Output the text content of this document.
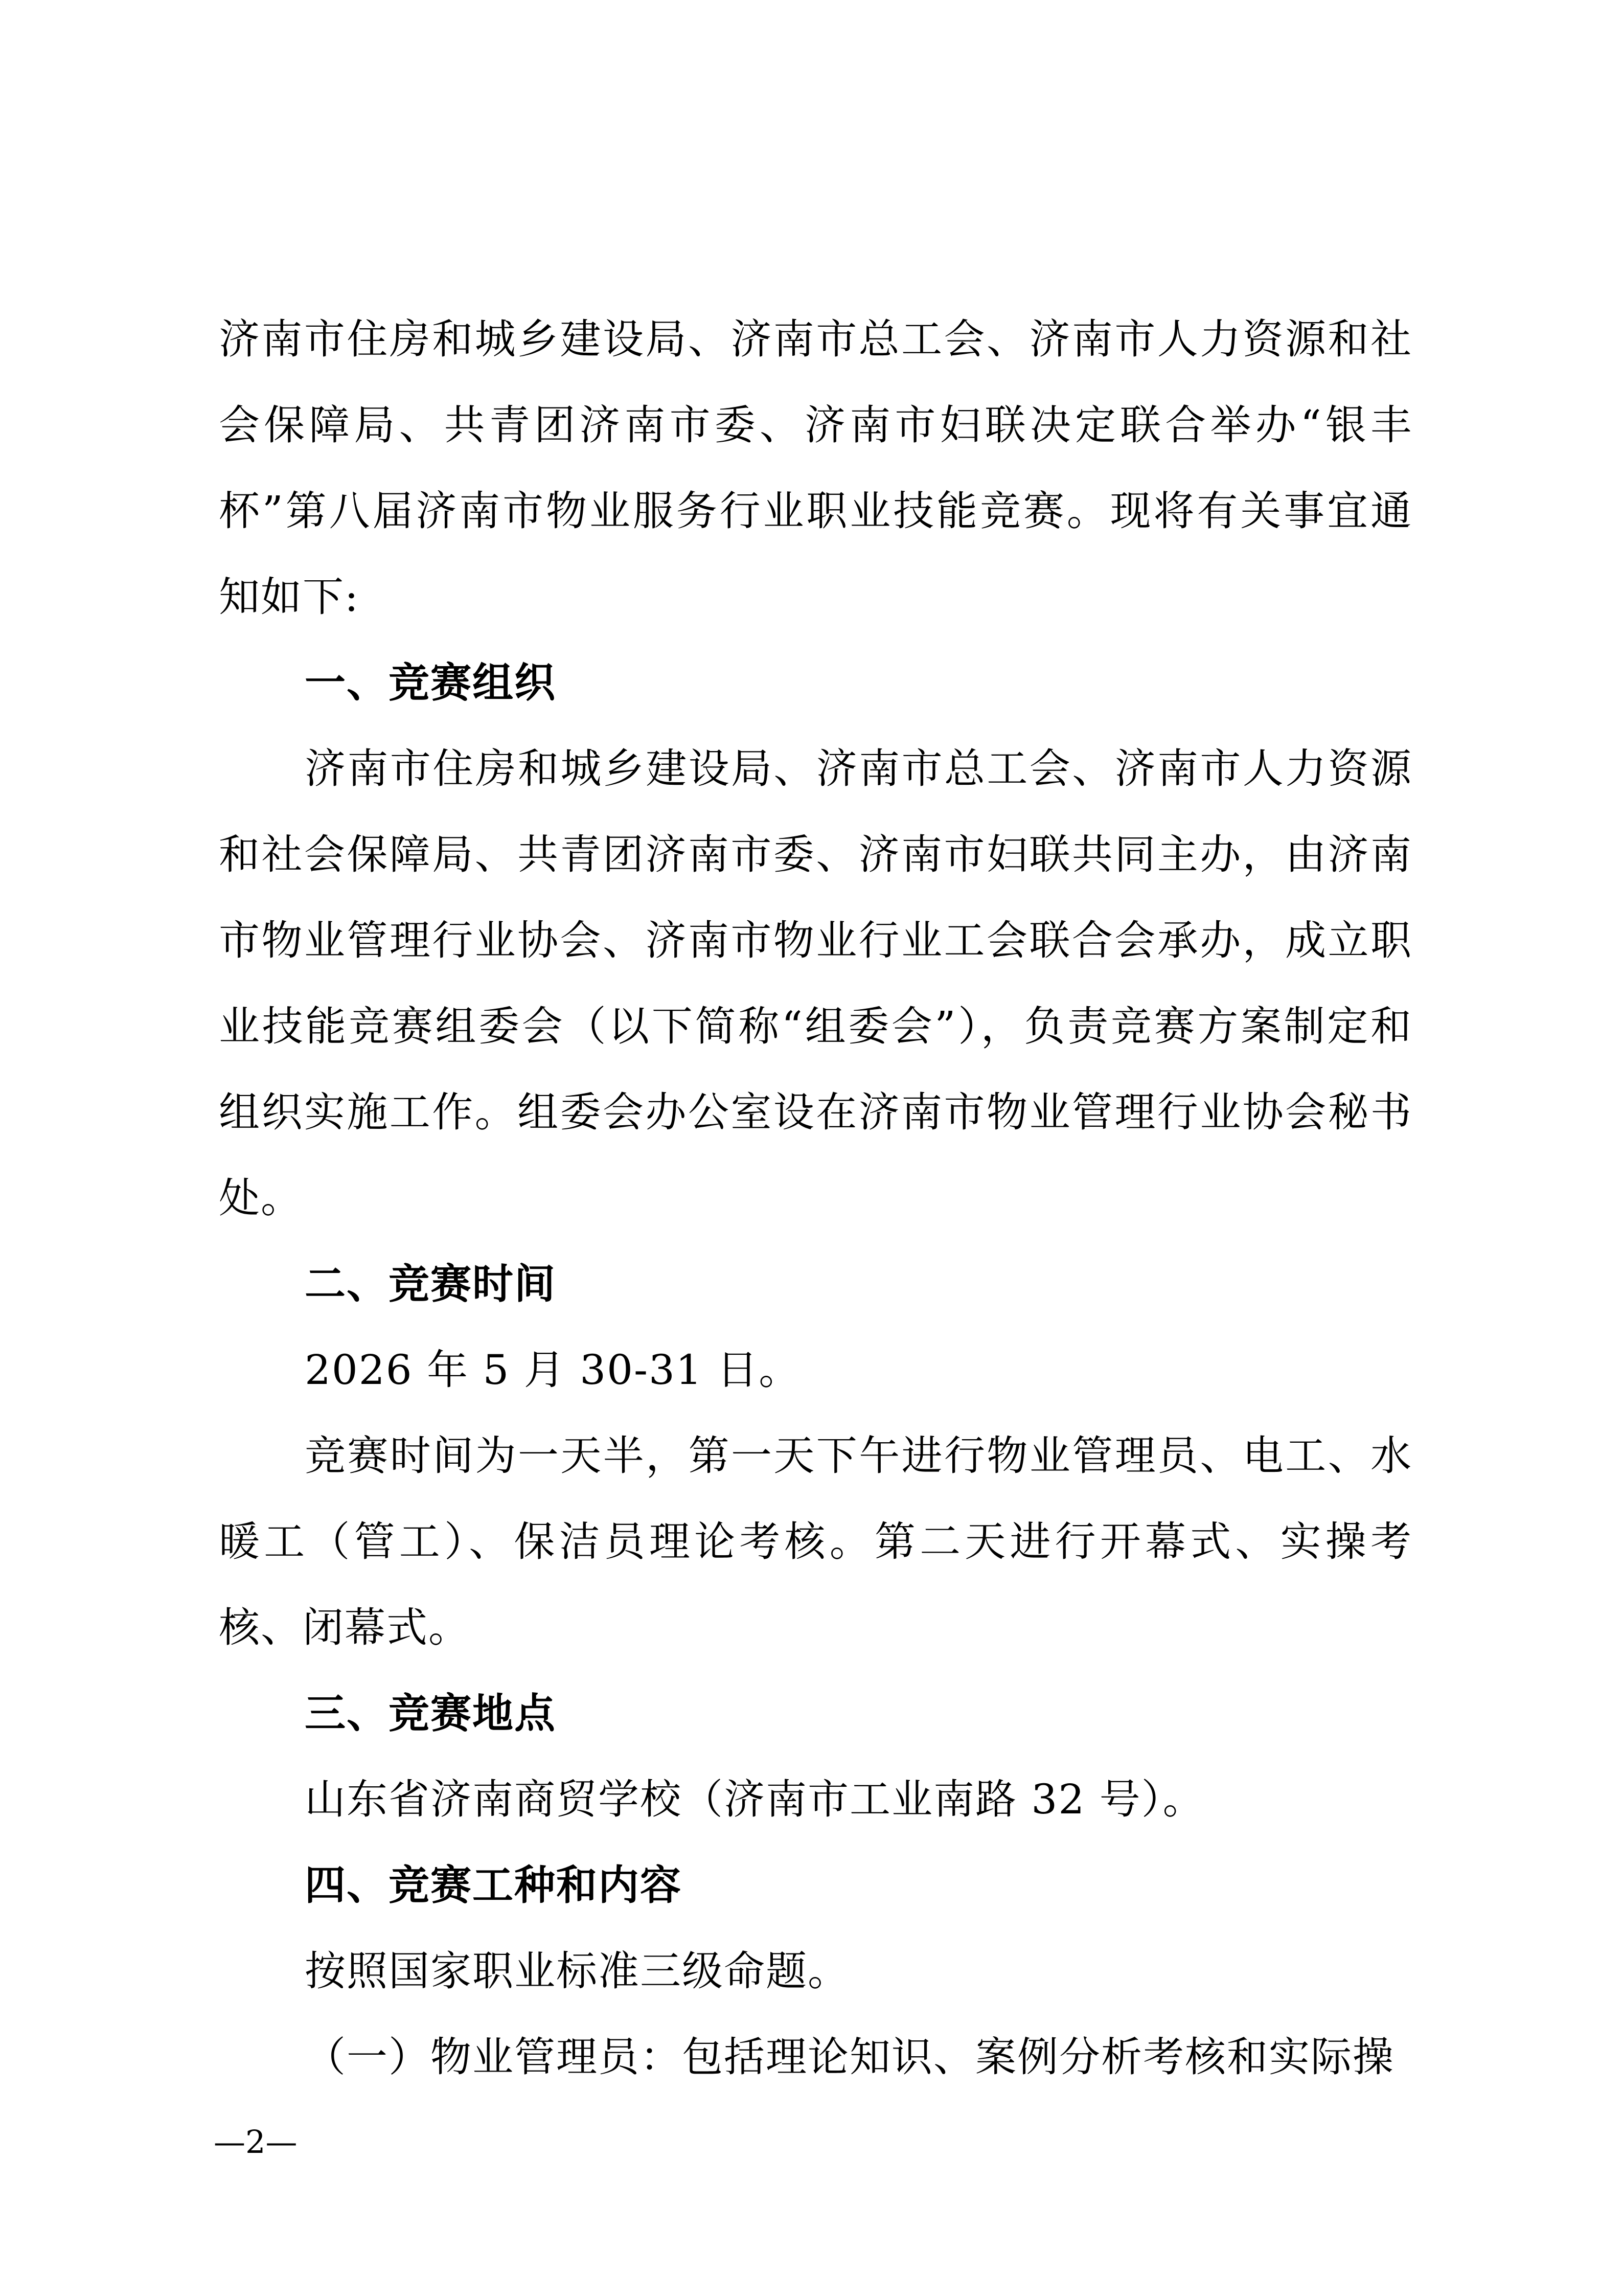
济南市住房和城乡建设局、济南市总工会、济南市人力资源和社会保障局、共青团济南市委、济南市妇联决定联合举办“银丰杯”第八届济南市物业服务行业职业技能竞赛。现将有关事宜通知如下:

一、竞赛组织

济南市住房和城乡建设局、济南市总工会、济南市人力资源和社会保障局、共青团济南市委、济南市妇联共同主办，由济南市物业管理行业协会、济南市物业行业工会联合会承办，成立职业技能竞赛组委会（以下简称“组委会”），负责竞赛方案制定和组织实施工作。组委会办公室设在济南市物业管理行业协会秘书处。

二、竞赛时间

2026 年 5 月 30-31 日。

竞赛时间为一天半，第一天下午进行物业管理员、电工、水暖工（管工）、保洁员理论考核。第二天进行开幕式、实操考核、闭幕式。

三、竞赛地点

山东省济南商贸学校（济南市工业南路 32 号）。

四、竞赛工种和内容

按照国家职业标准三级命题。

（一）物业管理员：包括理论知识、案例分析考核和实际操

—2—
